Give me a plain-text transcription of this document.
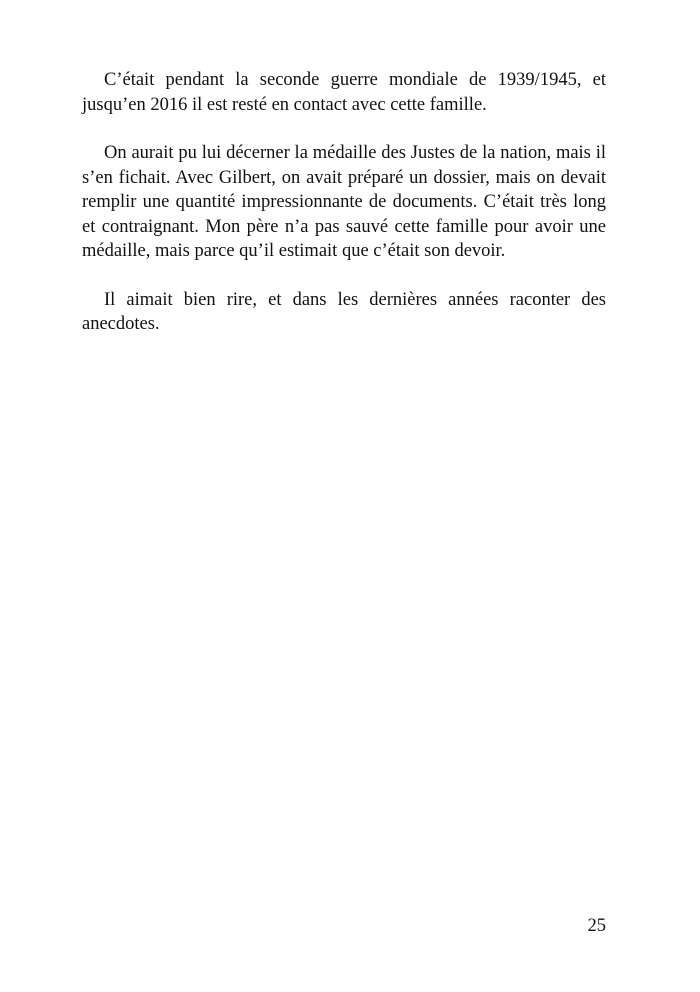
C’était pendant la seconde guerre mondiale de 1939/1945, et jusqu’en 2016 il est resté en contact avec cette famille.

On aurait pu lui décerner la médaille des Justes de la nation, mais il s’en fichait. Avec Gilbert, on avait préparé un dossier, mais on devait remplir une quantité impressionnante de documents. C’était très long et contraignant. Mon père n’a pas sauvé cette famille pour avoir une médaille, mais parce qu’il estimait que c’était son devoir.

Il aimait bien rire, et dans les dernières années raconter des anecdotes.

25
